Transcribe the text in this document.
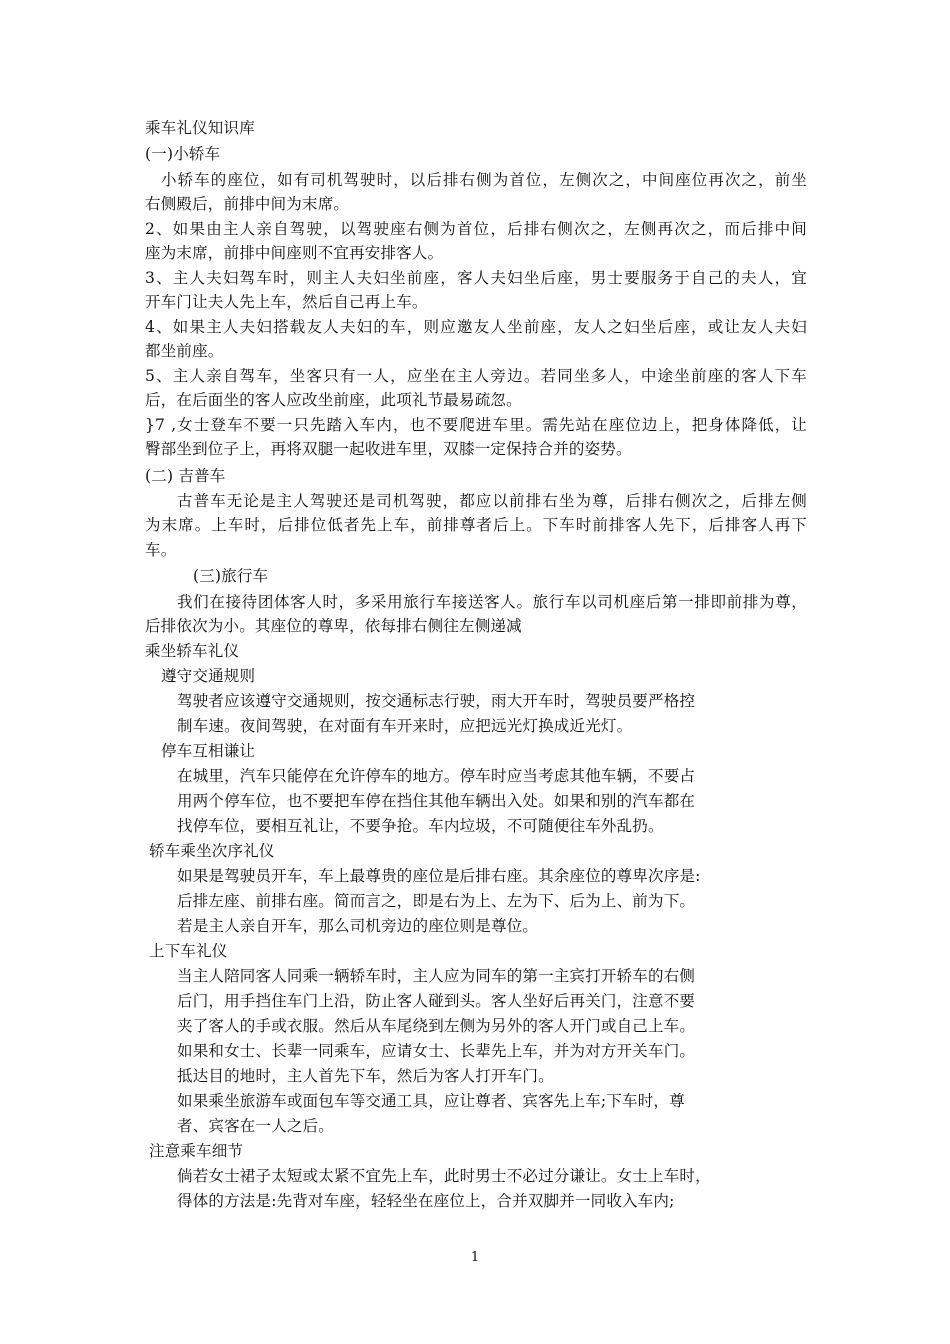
乘车礼仪知识库
(一)小轿车
小轿车的座位，如有司机驾驶时，以后排右侧为首位，左侧次之，中间座位再次之，前坐
右侧殿后，前排中间为末席。
2、如果由主人亲自驾驶，以驾驶座右侧为首位，后排右侧次之，左侧再次之，而后排中间
座为末席，前排中间座则不宜再安排客人。
3、主人夫妇驾车时，则主人夫妇坐前座，客人夫妇坐后座，男士要服务于自己的夫人，宜
开车门让夫人先上车，然后自己再上车。
4、如果主人夫妇搭载友人夫妇的车，则应邀友人坐前座，友人之妇坐后座，或让友人夫妇
都坐前座。
5、主人亲自驾车，坐客只有一人，应坐在主人旁边。若同坐多人，中途坐前座的客人下车
后，在后面坐的客人应改坐前座，此项礼节最易疏忽。
}7 ,女士登车不要一只先踏入车内，也不要爬进车里。需先站在座位边上，把身体降低，让
臀部坐到位子上，再将双腿一起收进车里，双膝一定保持合并的姿势。
(二) 吉普车
古普车无论是主人驾驶还是司机驾驶，都应以前排右坐为尊，后排右侧次之，后排左侧
为末席。上车时，后排位低者先上车，前排尊者后上。下车时前排客人先下，后排客人再下
车。
(三)旅行车
我们在接待团体客人时，多采用旅行车接送客人。旅行车以司机座后第一排即前排为尊，
后排依次为小。其座位的尊卑，依每排右侧往左侧递减
乘坐轿车礼仪
遵守交通规则
驾驶者应该遵守交通规则，按交通标志行驶，雨大开车时，驾驶员要严格控
制车速。夜间驾驶，在对面有车开来时，应把远光灯换成近光灯。
停车互相谦让
在城里，汽车只能停在允许停车的地方。停车时应当考虑其他车辆，不要占
用两个停车位，也不要把车停在挡住其他车辆出入处。如果和别的汽车都在
找停车位，要相互礼让，不要争抢。车内垃圾，不可随便往车外乱扔。
轿车乘坐次序礼仪
如果是驾驶员开车，车上最尊贵的座位是后排右座。其余座位的尊卑次序是:
后排左座、前排右座。简而言之，即是右为上、左为下、后为上、前为下。
若是主人亲自开车，那么司机旁边的座位则是尊位。
上下车礼仪
当主人陪同客人同乘一辆轿车时，主人应为同车的第一主宾打开轿车的右侧
后门，用手挡住车门上沿，防止客人碰到头。客人坐好后再关门，注意不要
夹了客人的手或衣服。然后从车尾绕到左侧为另外的客人开门或自己上车。
如果和女士、长辈一同乘车，应请女士、长辈先上车，并为对方开关车门。
抵达目的地时，主人首先下车，然后为客人打开车门。
如果乘坐旅游车或面包车等交通工具，应让尊者、宾客先上车;下车时，尊
者、宾客在一人之后。
注意乘车细节
倘若女士裙子太短或太紧不宜先上车，此时男士不必过分谦让。女士上车时，
得体的方法是:先背对车座，轻轻坐在座位上，合并双脚并一同收入车内;
1
